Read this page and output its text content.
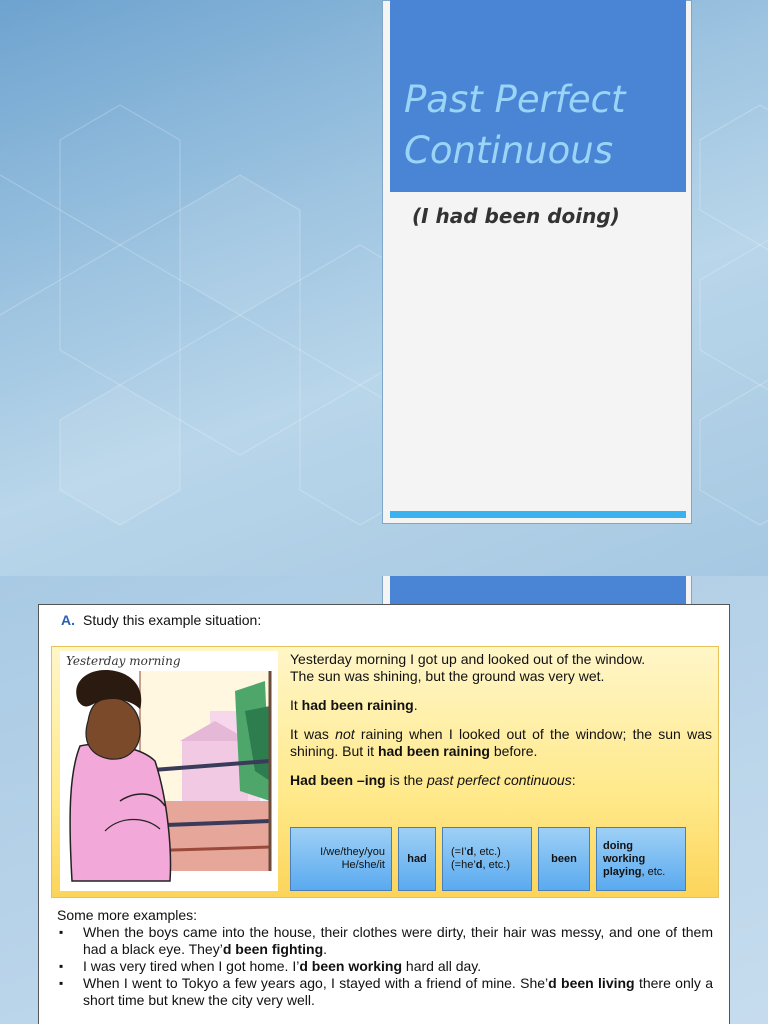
Past Perfect
Continuous
(I had been doing)
A. Study this example situation:
Yesterday morning	Yesterday morning I got up and looked out of the window.

The sun was shining, but the ground was very wet.

It had been raining.

It was not raining when I looked out of the window; the sun was shining. But it had been raining before.

Had been –ing is the past perfect continuous:

I/we/they/you
He/she/it
had
(=I’d, etc.)
(=he’d, etc.)
been
doing
working
playing, etc.
Some more examples:
▪ When the boys came into the house, their clothes were dirty, their hair was messy, and one of them had a black eye. They’d been fighting.
▪ I was very tired when I got home. I’d been working hard all day.
▪ When I went to Tokyo a few years ago, I stayed with a friend of mine. She’d been living there only a short time but knew the city very well.
